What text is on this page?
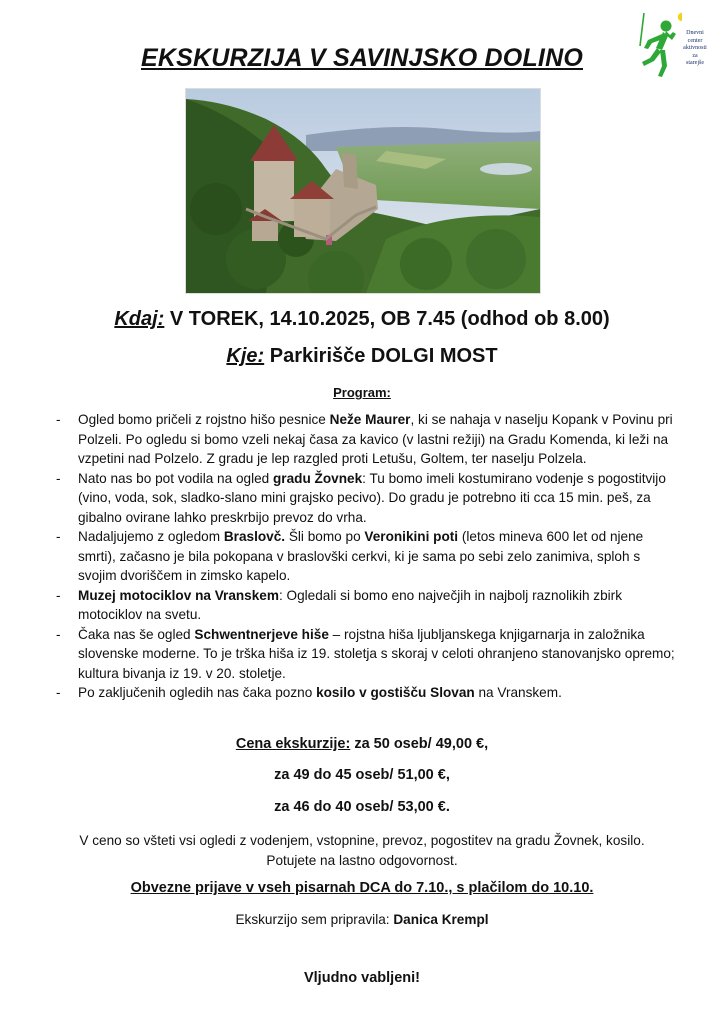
EKSKURZIJA V SAVINJSKO DOLINO
Dnevni
center
aktivnosti
za
starejše
Kdaj: V TOREK, 14.10.2025, OB 7.45 (odhod ob 8.00)
Kje: Parkirišče DOLGI MOST
Program:
- Ogled bomo pričeli z rojstno hišo pesnice Neže Maurer, ki se nahaja v naselju Kopank v Povinu pri Polzeli. Po ogledu si bomo vzeli nekaj časa za kavico (v lastni režiji) na Gradu Komenda, ki leži na vzpetini nad Polzelo. Z gradu je lep razgled proti Letušu, Goltem, ter naselju Polzela.
- Nato nas bo pot vodila na ogled gradu Žovnek: Tu bomo imeli kostumirano vodenje s pogostitvijo (vino, voda, sok, sladko-slano mini grajsko pecivo). Do gradu je potrebno iti cca 15 min. peš, za gibalno ovirane lahko preskrbijo prevoz do vrha.
- Nadaljujemo z ogledom Braslovč. Šli bomo po Veronikini poti (letos mineva 600 let od njene smrti), začasno je bila pokopana v braslovški cerkvi, ki je sama po sebi zelo zanimiva, sploh s svojim dvoriščem in zimsko kapelo.
- Muzej motociklov na Vranskem: Ogledali si bomo eno največjih in najbolj raznolikih zbirk motociklov na svetu.
- Čaka nas še ogled Schwentnerjeve hiše – rojstna hiša ljubljanskega knjigarnarja in založnika slovenske moderne. To je trška hiša iz 19. stoletja s skoraj v celoti ohranjeno stanovanjsko opremo; kultura bivanja iz 19. v 20. stoletje.
- Po zaključenih ogledih nas čaka pozno kosilo v gostišču Slovan na Vranskem.
Cena ekskurzije: za 50 oseb/ 49,00 €,
za 49 do 45 oseb/ 51,00 €,
za 46 do 40 oseb/ 53,00 €.
V ceno so všteti vsi ogledi z vodenjem, vstopnine, prevoz, pogostitev na gradu Žovnek, kosilo.
Potujete na lastno odgovornost.
Obvezne prijave v vseh pisarnah DCA do 7.10., s plačilom do 10.10.
Ekskurzijo sem pripravila: Danica Krempl
Vljudno vabljeni!
